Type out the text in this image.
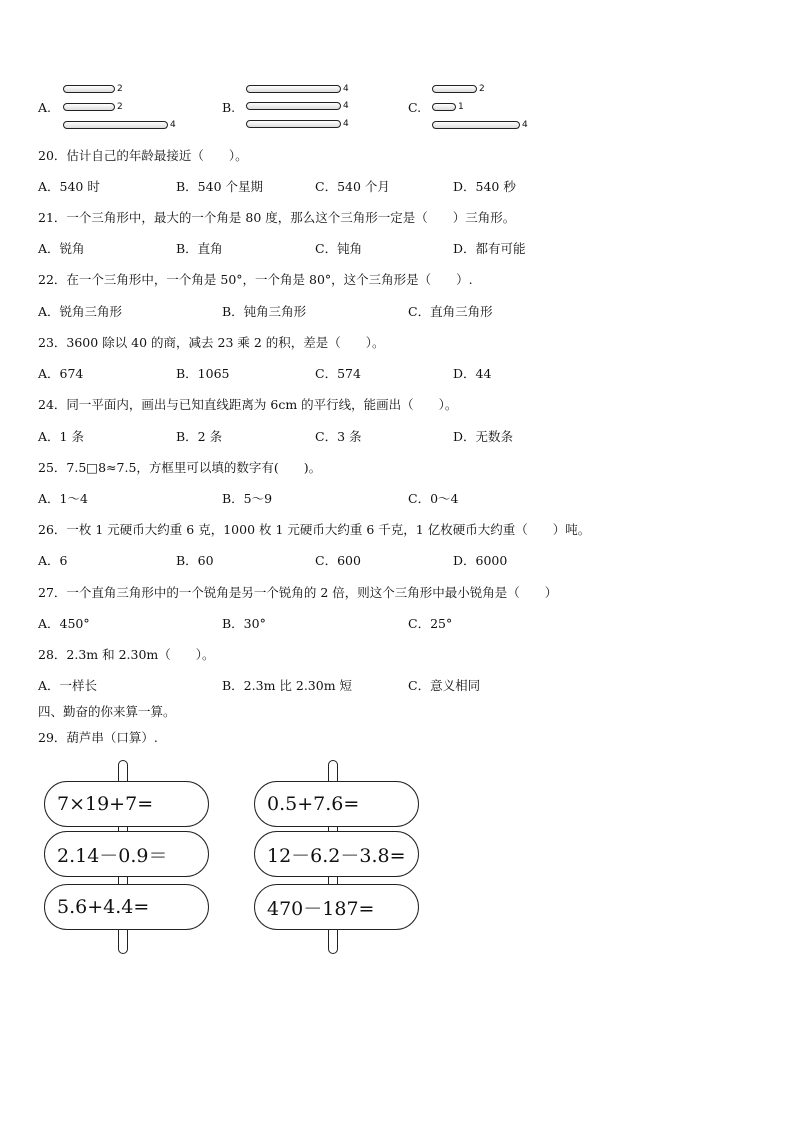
A.
2
2
4
B.
4
4
4
C.
2
1
4
20．估计自己的年龄最接近（　　）。
A．540 时	B．540 个星期	C．540 个月	D．540 秒
21．一个三角形中，最大的一个角是 80 度，那么这个三角形一定是（　　）三角形。
A．锐角	B．直角	C．钝角	D．都有可能
22．在一个三角形中，一个角是 50°，一个角是 80°，这个三角形是（　　）.
A．锐角三角形	B．钝角三角形	C．直角三角形
23．3600 除以 40 的商，减去 23 乘 2 的积，差是（　　）。
A．674	B．1065	C．574	D．44
24．同一平面内，画出与已知直线距离为 6cm 的平行线，能画出（　　）。
A．1 条	B．2 条	C．3 条	D．无数条
25．7.5□8≈7.5，方框里可以填的数字有(　　)。
A．1～4	B．5～9	C．0～4
26．一枚 1 元硬币大约重 6 克，1000 枚 1 元硬币大约重 6 千克，1 亿枚硬币大约重（　　）吨。
A．6	B．60	C．600	D．6000
27．一个直角三角形中的一个锐角是另一个锐角的 2 倍，则这个三角形中最小锐角是（　　）
A．450°	B．30°	C．25°
28．2.3m 和 2.30m（　　）。
A．一样长	B．2.3m 比 2.30m 短	C．意义相同
四、勤奋的你来算一算。
29．葫芦串（口算）.
7×19+7=
2.14－0.9＝
5.6+4.4=
0.5+7.6=
12－6.2－3.8=
470－187=
